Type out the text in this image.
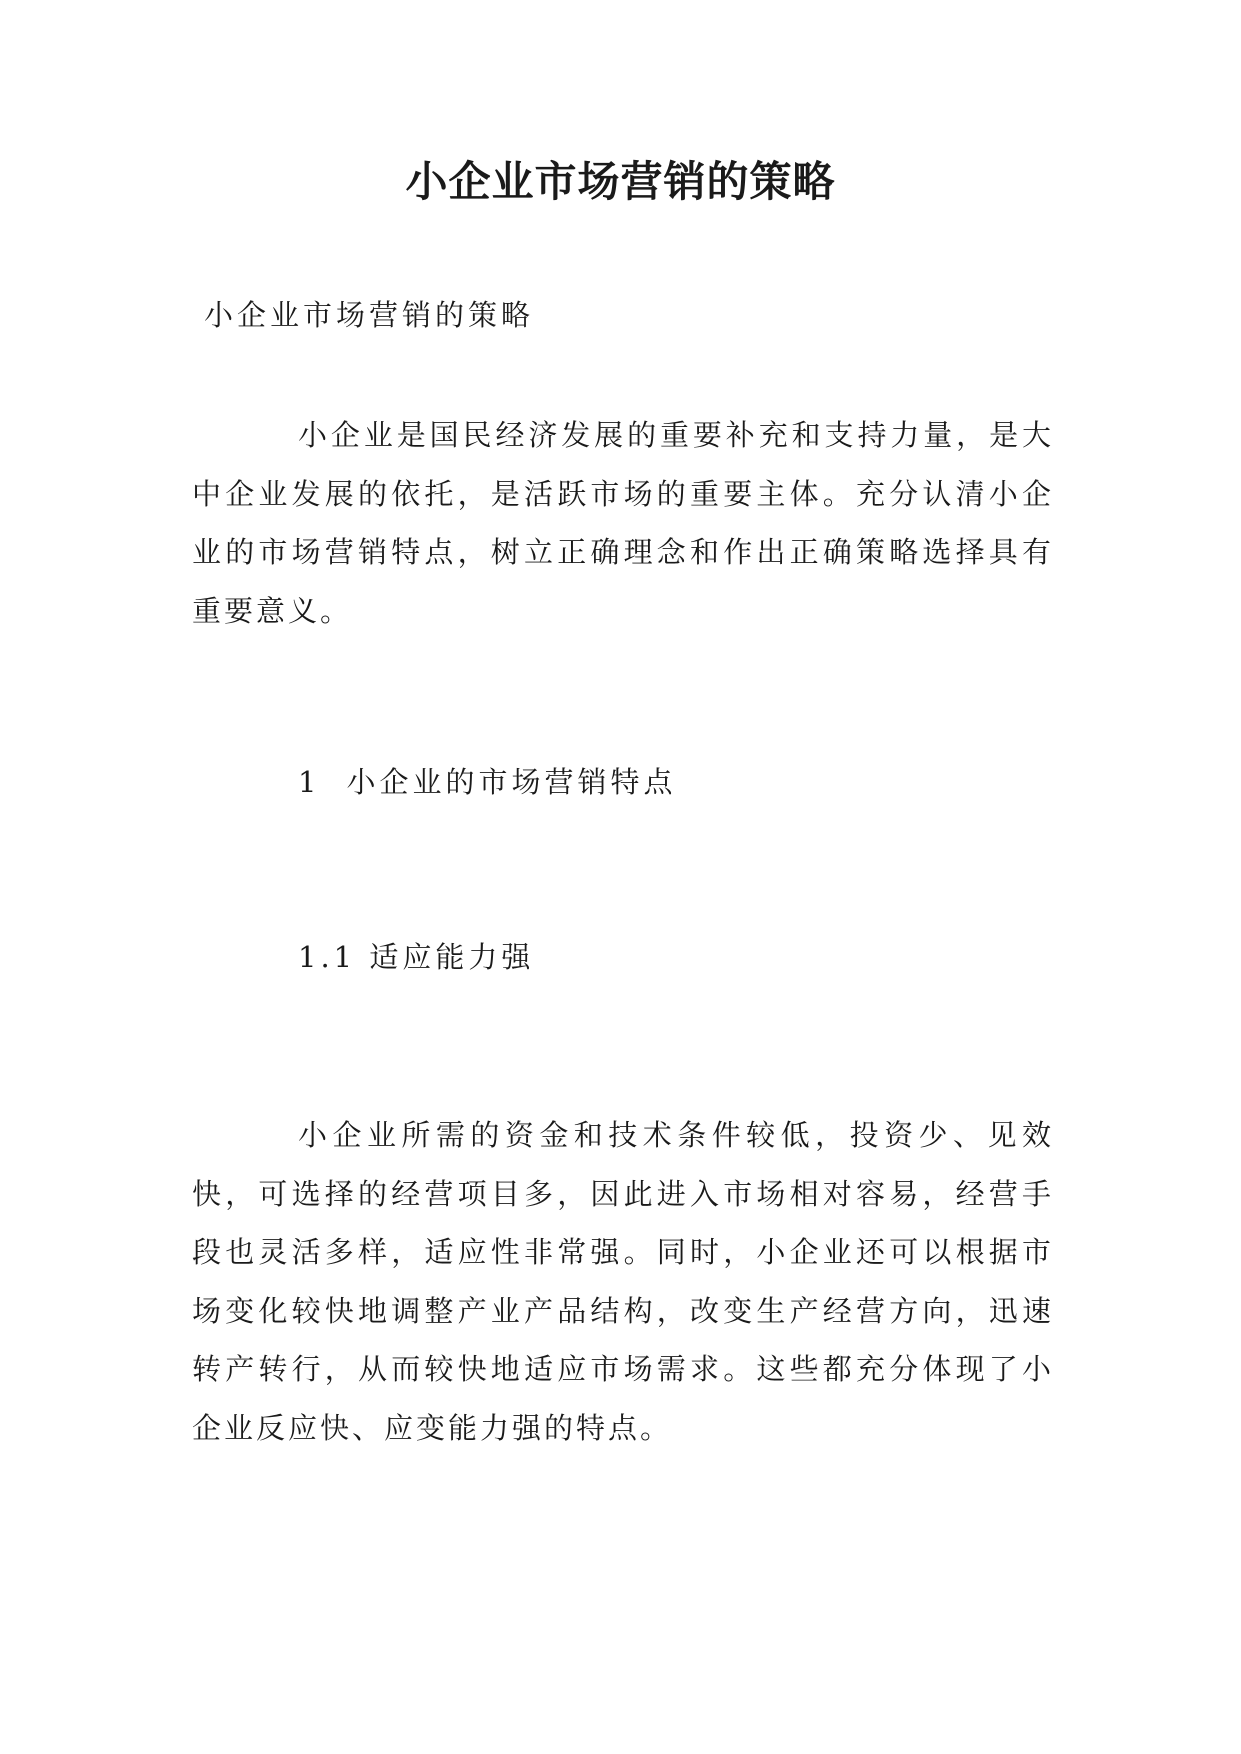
小企业市场营销的策略

小企业市场营销的策略

小企业是国民经济发展的重要补充和支持力量，是大中企业发展的依托，是活跃市场的重要主体。充分认清小企业的市场营销特点，树立正确理念和作出正确策略选择具有重要意义。

1 小企业的市场营销特点
1.1 适应能力强

小企业所需的资金和技术条件较低，投资少、见效快，可选择的经营项目多，因此进入市场相对容易，经营手段也灵活多样，适应性非常强。同时，小企业还可以根据市场变化较快地调整产业产品结构，改变生产经营方向，迅速转产转行，从而较快地适应市场需求。这些都充分体现了小企业反应快、应变能力强的特点。
